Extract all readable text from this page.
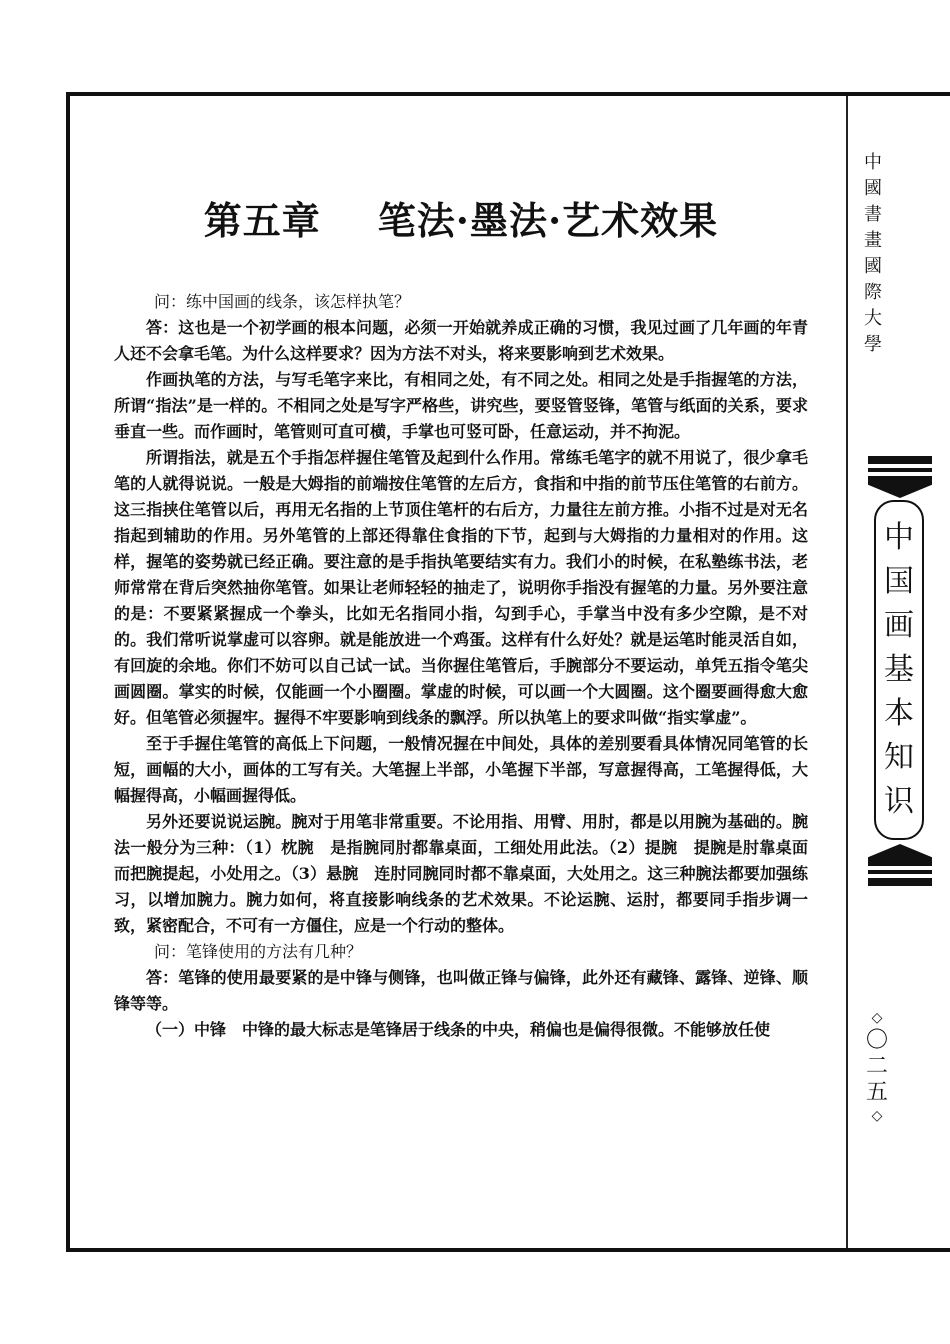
第五章    笔法·墨法·艺术效果

问：练中国画的线条，该怎样执笔？

答：这也是一个初学画的根本问题，必须一开始就养成正确的习惯，我见过画了几年画的年青人还不会拿毛笔。为什么这样要求？因为方法不对头，将来要影响到艺术效果。

作画执笔的方法，与写毛笔字来比，有相同之处，有不同之处。相同之处是手指握笔的方法，所谓“指法”是一样的。不相同之处是写字严格些，讲究些，要竖管竖锋，笔管与纸面的关系，要求垂直一些。而作画时，笔管则可直可横，手掌也可竖可卧，任意运动，并不拘泥。

所谓指法，就是五个手指怎样握住笔管及起到什么作用。常练毛笔字的就不用说了，很少拿毛笔的人就得说说。一般是大姆指的前端按住笔管的左后方，食指和中指的前节压住笔管的右前方。这三指挟住笔管以后，再用无名指的上节顶住笔杆的右后方，力量往左前方推。小指不过是对无名指起到辅助的作用。另外笔管的上部还得靠住食指的下节，起到与大姆指的力量相对的作用。这样，握笔的姿势就已经正确。要注意的是手指执笔要结实有力。我们小的时候，在私塾练书法，老师常常在背后突然抽你笔管。如果让老师轻轻的抽走了，说明你手指没有握笔的力量。另外要注意的是：不要紧紧握成一个拳头，比如无名指同小指，勾到手心，手掌当中没有多少空隙，是不对的。我们常听说掌虚可以容卵。就是能放进一个鸡蛋。这样有什么好处？就是运笔时能灵活自如，有回旋的余地。你们不妨可以自己试一试。当你握住笔管后，手腕部分不要运动，单凭五指令笔尖画圆圈。掌实的时候，仅能画一个小圈圈。掌虚的时候，可以画一个大圆圈。这个圈要画得愈大愈好。但笔管必须握牢。握得不牢要影响到线条的飘浮。所以执笔上的要求叫做“指实掌虚”。

至于手握住笔管的高低上下问题，一般情况握在中间处，具体的差别要看具体情况同笔管的长短，画幅的大小，画体的工写有关。大笔握上半部，小笔握下半部，写意握得高，工笔握得低，大幅握得高，小幅画握得低。

另外还要说说运腕。腕对于用笔非常重要。不论用指、用臂、用肘，都是以用腕为基础的。腕法一般分为三种：（1）枕腕　是指腕同肘都靠桌面，工细处用此法。（2）提腕　提腕是肘靠桌面而把腕提起，小处用之。（3）悬腕　连肘同腕同时都不靠桌面，大处用之。这三种腕法都要加强练习，以增加腕力。腕力如何，将直接影响线条的艺术效果。不论运腕、运肘，都要同手指步调一致，紧密配合，不可有一方僵住，应是一个行动的整体。

问：笔锋使用的方法有几种？

答：笔锋的使用最要紧的是中锋与侧锋，也叫做正锋与偏锋，此外还有藏锋、露锋、逆锋、顺锋等等。

（一）中锋　中锋的最大标志是笔锋居于线条的中央，稍偏也是偏得很微。不能够放任使

中
國
書
畫
國
際
大
學
中
国
画
基
本
知
识
◇
〇
二
五
◇
